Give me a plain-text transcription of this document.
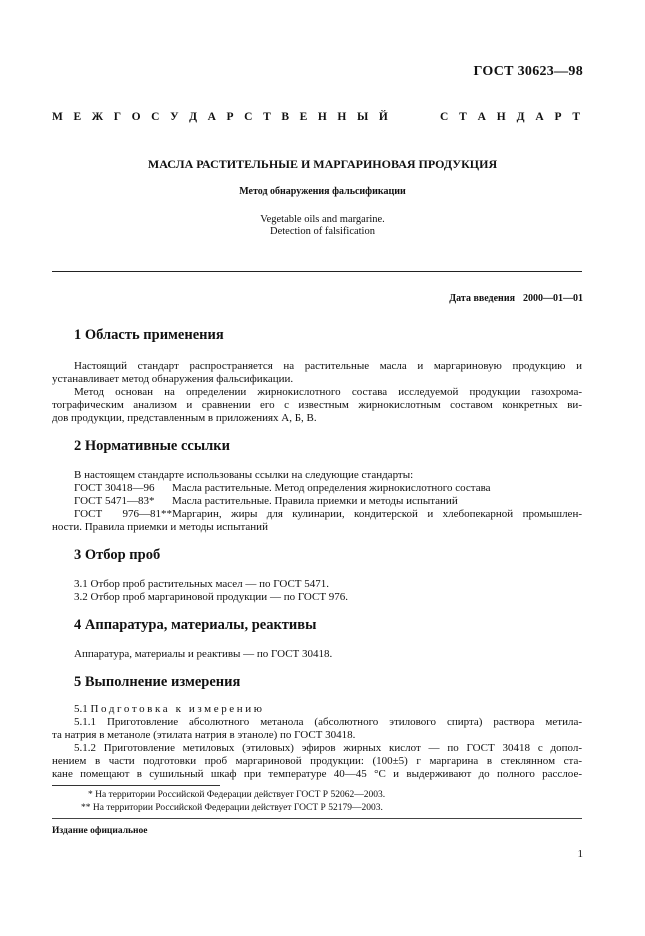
ГОСТ 30623—98
М Е Ж Г О С У Д А Р С Т В Е Н Н Ы Й	С Т А Н Д А Р Т
МАСЛА РАСТИТЕЛЬНЫЕ И МАРГАРИНОВАЯ ПРОДУКЦИЯ
Метод обнаружения фальсификации
Vegetable oils and margarine.
Detection of falsification
Дата введения 2000—01—01
1 Область применения
Настоящий стандарт распространяется на растительные масла и маргариновую продукцию и
устанавливает метод обнаружения фальсификации.
Метод основан на определении жирнокислотного состава исследуемой продукции газохрома-
тографическим анализом и сравнении его с известным жирнокислотным составом конкретных ви-
дов продукции, представленным в приложениях А, Б, В.
2 Нормативные ссылки
В настоящем стандарте использованы ссылки на следующие стандарты:
ГОСТ 30418—96 Масла растительные. Метод определения жирнокислотного состава
ГОСТ 5471—83* Масла растительные. Правила приемки и методы испытаний
ГОСТ 976—81**Маргарин, жиры для кулинарии, кондитерской и хлебопекарной промышлен-
ности. Правила приемки и методы испытаний
3 Отбор проб
3.1 Отбор проб растительных масел — по ГОСТ 5471.
3.2 Отбор проб маргариновой продукции — по ГОСТ 976.
4 Аппаратура, материалы, реактивы
Аппаратура, материалы и реактивы — по ГОСТ 30418.
5 Выполнение измерения
5.1 Подготовка к измерению
5.1.1 Приготовление абсолютного метанола (абсолютного этилового спирта) раствора метила-
та натрия в метаноле (этилата натрия в этаноле) по ГОСТ 30418.
5.1.2 Приготовление метиловых (этиловых) эфиров жирных кислот — по ГОСТ 30418 с допол-
нением в части подготовки проб маргариновой продукции: (100±5) г маргарина в стеклянном ста-
кане помещают в сушильный шкаф при температуре 40—45 °С и выдерживают до полного расслое-
* На территории Российской Федерации действует ГОСТ Р 52062—2003.
** На территории Российской Федерации действует ГОСТ Р 52179—2003.
Издание официальное
1
